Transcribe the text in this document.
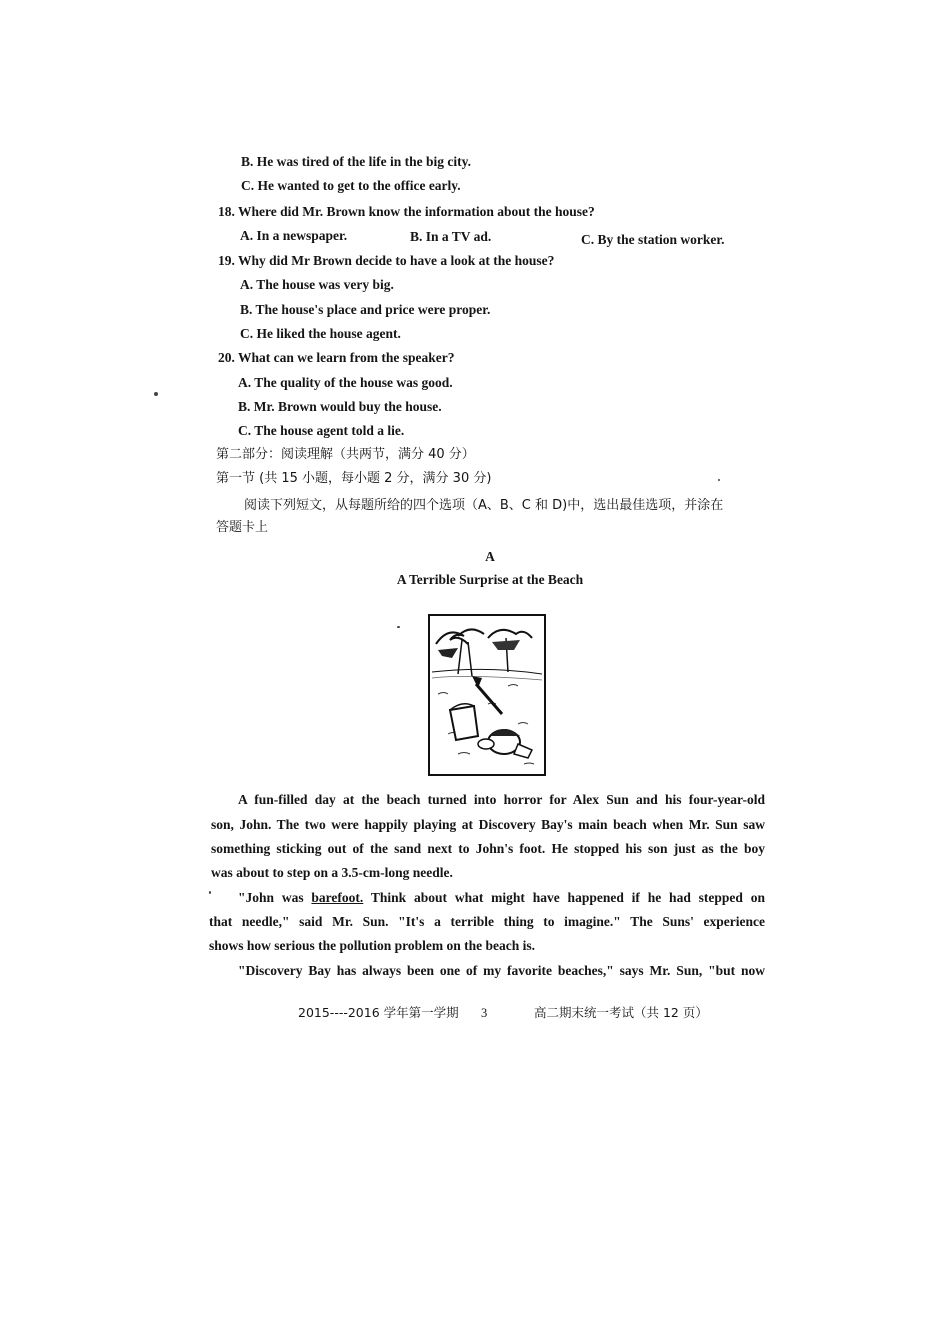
B. He was tired of the life in the big city.
C. He wanted to get to the office early.
18. Where did Mr. Brown know the information about the house?
A. In a newspaper.	B. In a TV ad.	C. By the station worker.
19. Why did Mr Brown decide to have a look at the house?
A. The house was very big.
B. The house's place and price were proper.
C. He liked the house agent.
20. What can we learn from the speaker?
A. The quality of the house was good.
B. Mr. Brown would buy the house.
C. The house agent told a lie.
第二部分：阅读理解（共两节，满分 40 分）
第一节 (共 15 小题，每小题 2 分，满分 30 分)
阅读下列短文，从每题所给的四个选项（A、B、C 和 D)中，选出最佳选项，并涂在
答题卡上
A
A Terrible Surprise at the Beach
A fun-filled day at the beach turned into horror for Alex Sun and his four-year-old
son, John. The two were happily playing at Discovery Bay's main beach when Mr. Sun saw
something sticking out of the sand next to John's foot. He stopped his son just as the boy
was about to step on a 3.5-cm-long needle.
"John was barefoot. Think about what might have happened if he had stepped on
that needle," said Mr. Sun. "It's a terrible thing to imagine." The Suns' experience
shows how serious the pollution problem on the beach is.
"Discovery Bay has always been one of my favorite beaches," says Mr. Sun, "but now
2015----2016 学年第一学期 3	高二期末统一考试（共 12 页）
